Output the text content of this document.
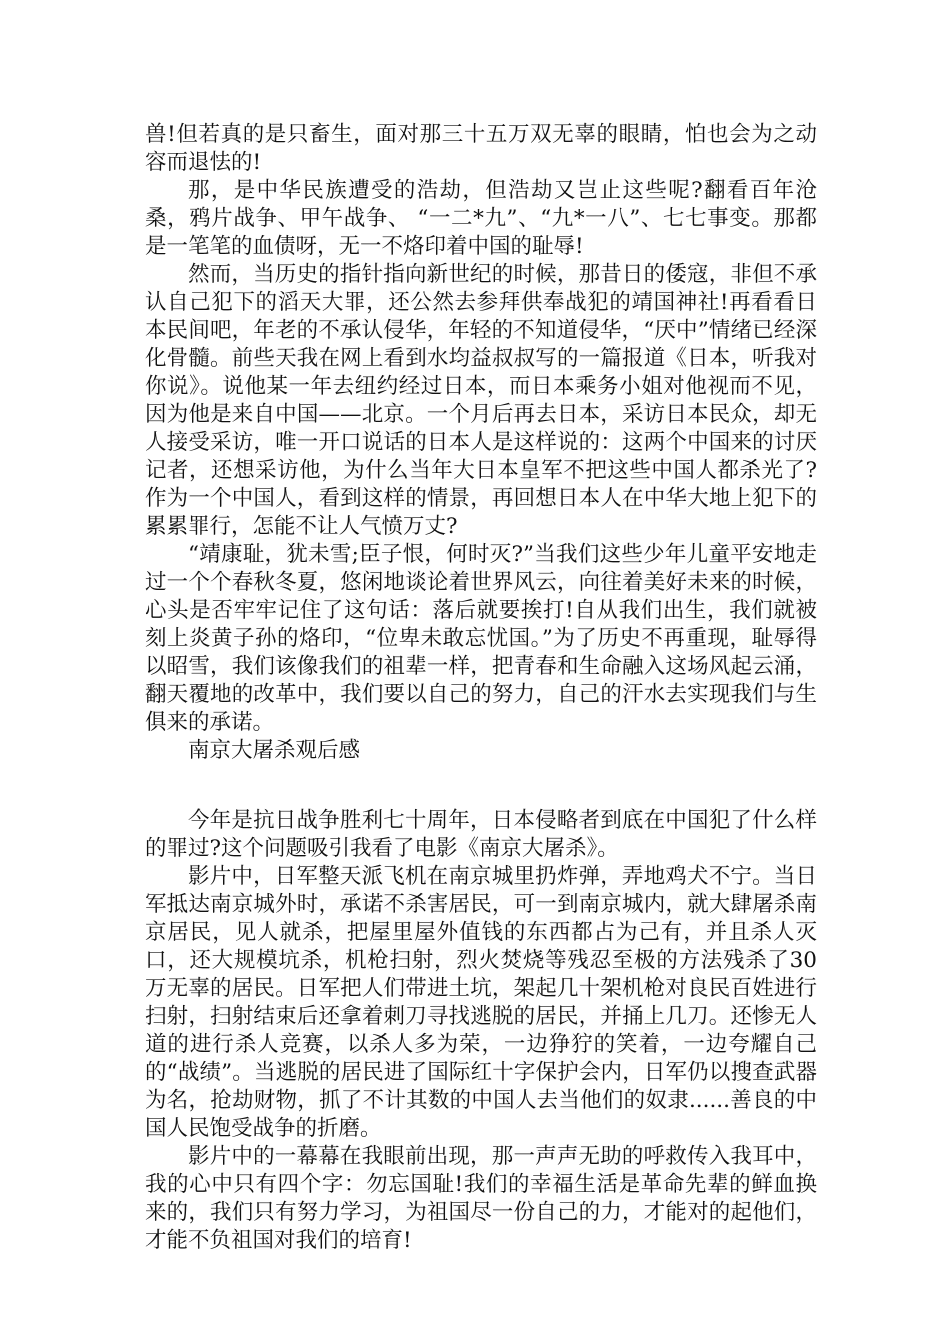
兽!但若真的是只畜生，面对那三十五万双无辜的眼睛，怕也会为之动容而退怯的!

那，是中华民族遭受的浩劫，但浩劫又岂止这些呢?翻看百年沧桑，鸦片战争、甲午战争、 “一二*九”、“九*一八”、七七事变。那都是一笔笔的血债呀，无一不烙印着中国的耻辱!

然而，当历史的指针指向新世纪的时候，那昔日的倭寇，非但不承认自己犯下的滔天大罪，还公然去参拜供奉战犯的靖国神社!再看看日本民间吧，年老的不承认侵华，年轻的不知道侵华，“厌中”情绪已经深化骨髓。前些天我在网上看到水均益叔叔写的一篇报道《日本，听我对你说》。说他某一年去纽约经过日本，而日本乘务小姐对他视而不见，因为他是来自中国——北京。一个月后再去日本，采访日本民众，却无人接受采访，唯一开口说话的日本人是这样说的：这两个中国来的讨厌记者，还想采访他，为什么当年大日本皇军不把这些中国人都杀光了?作为一个中国人，看到这样的情景，再回想日本人在中华大地上犯下的累累罪行，怎能不让人气愤万丈?

“靖康耻，犹未雪;臣子恨，何时灭?”当我们这些少年儿童平安地走过一个个春秋冬夏，悠闲地谈论着世界风云，向往着美好未来的时候，心头是否牢牢记住了这句话：落后就要挨打!自从我们出生，我们就被刻上炎黄子孙的烙印，“位卑未敢忘忧国。”为了历史不再重现，耻辱得以昭雪，我们该像我们的祖辈一样，把青春和生命融入这场风起云涌，翻天覆地的改革中，我们要以自己的努力，自己的汗水去实现我们与生俱来的承诺。

南京大屠杀观后感

今年是抗日战争胜利七十周年，日本侵略者到底在中国犯了什么样的罪过?这个问题吸引我看了电影《南京大屠杀》。

影片中，日军整天派飞机在南京城里扔炸弹，弄地鸡犬不宁。当日军抵达南京城外时，承诺不杀害居民，可一到南京城内，就大肆屠杀南京居民，见人就杀，把屋里屋外值钱的东西都占为己有，并且杀人灭口，还大规模坑杀，机枪扫射，烈火焚烧等残忍至极的方法残杀了30万无辜的居民。日军把人们带进土坑，架起几十架机枪对良民百姓进行扫射，扫射结束后还拿着刺刀寻找逃脱的居民，并捅上几刀。还惨无人道的进行杀人竞赛，以杀人多为荣，一边狰狞的笑着，一边夸耀自己的“战绩”。当逃脱的居民进了国际红十字保护会内，日军仍以搜查武器为名，抢劫财物，抓了不计其数的中国人去当他们的奴隶......善良的中国人民饱受战争的折磨。

影片中的一幕幕在我眼前出现，那一声声无助的呼救传入我耳中，我的心中只有四个字：勿忘国耻!我们的幸福生活是革命先辈的鲜血换来的，我们只有努力学习，为祖国尽一份自己的力，才能对的起他们，才能不负祖国对我们的培育!
